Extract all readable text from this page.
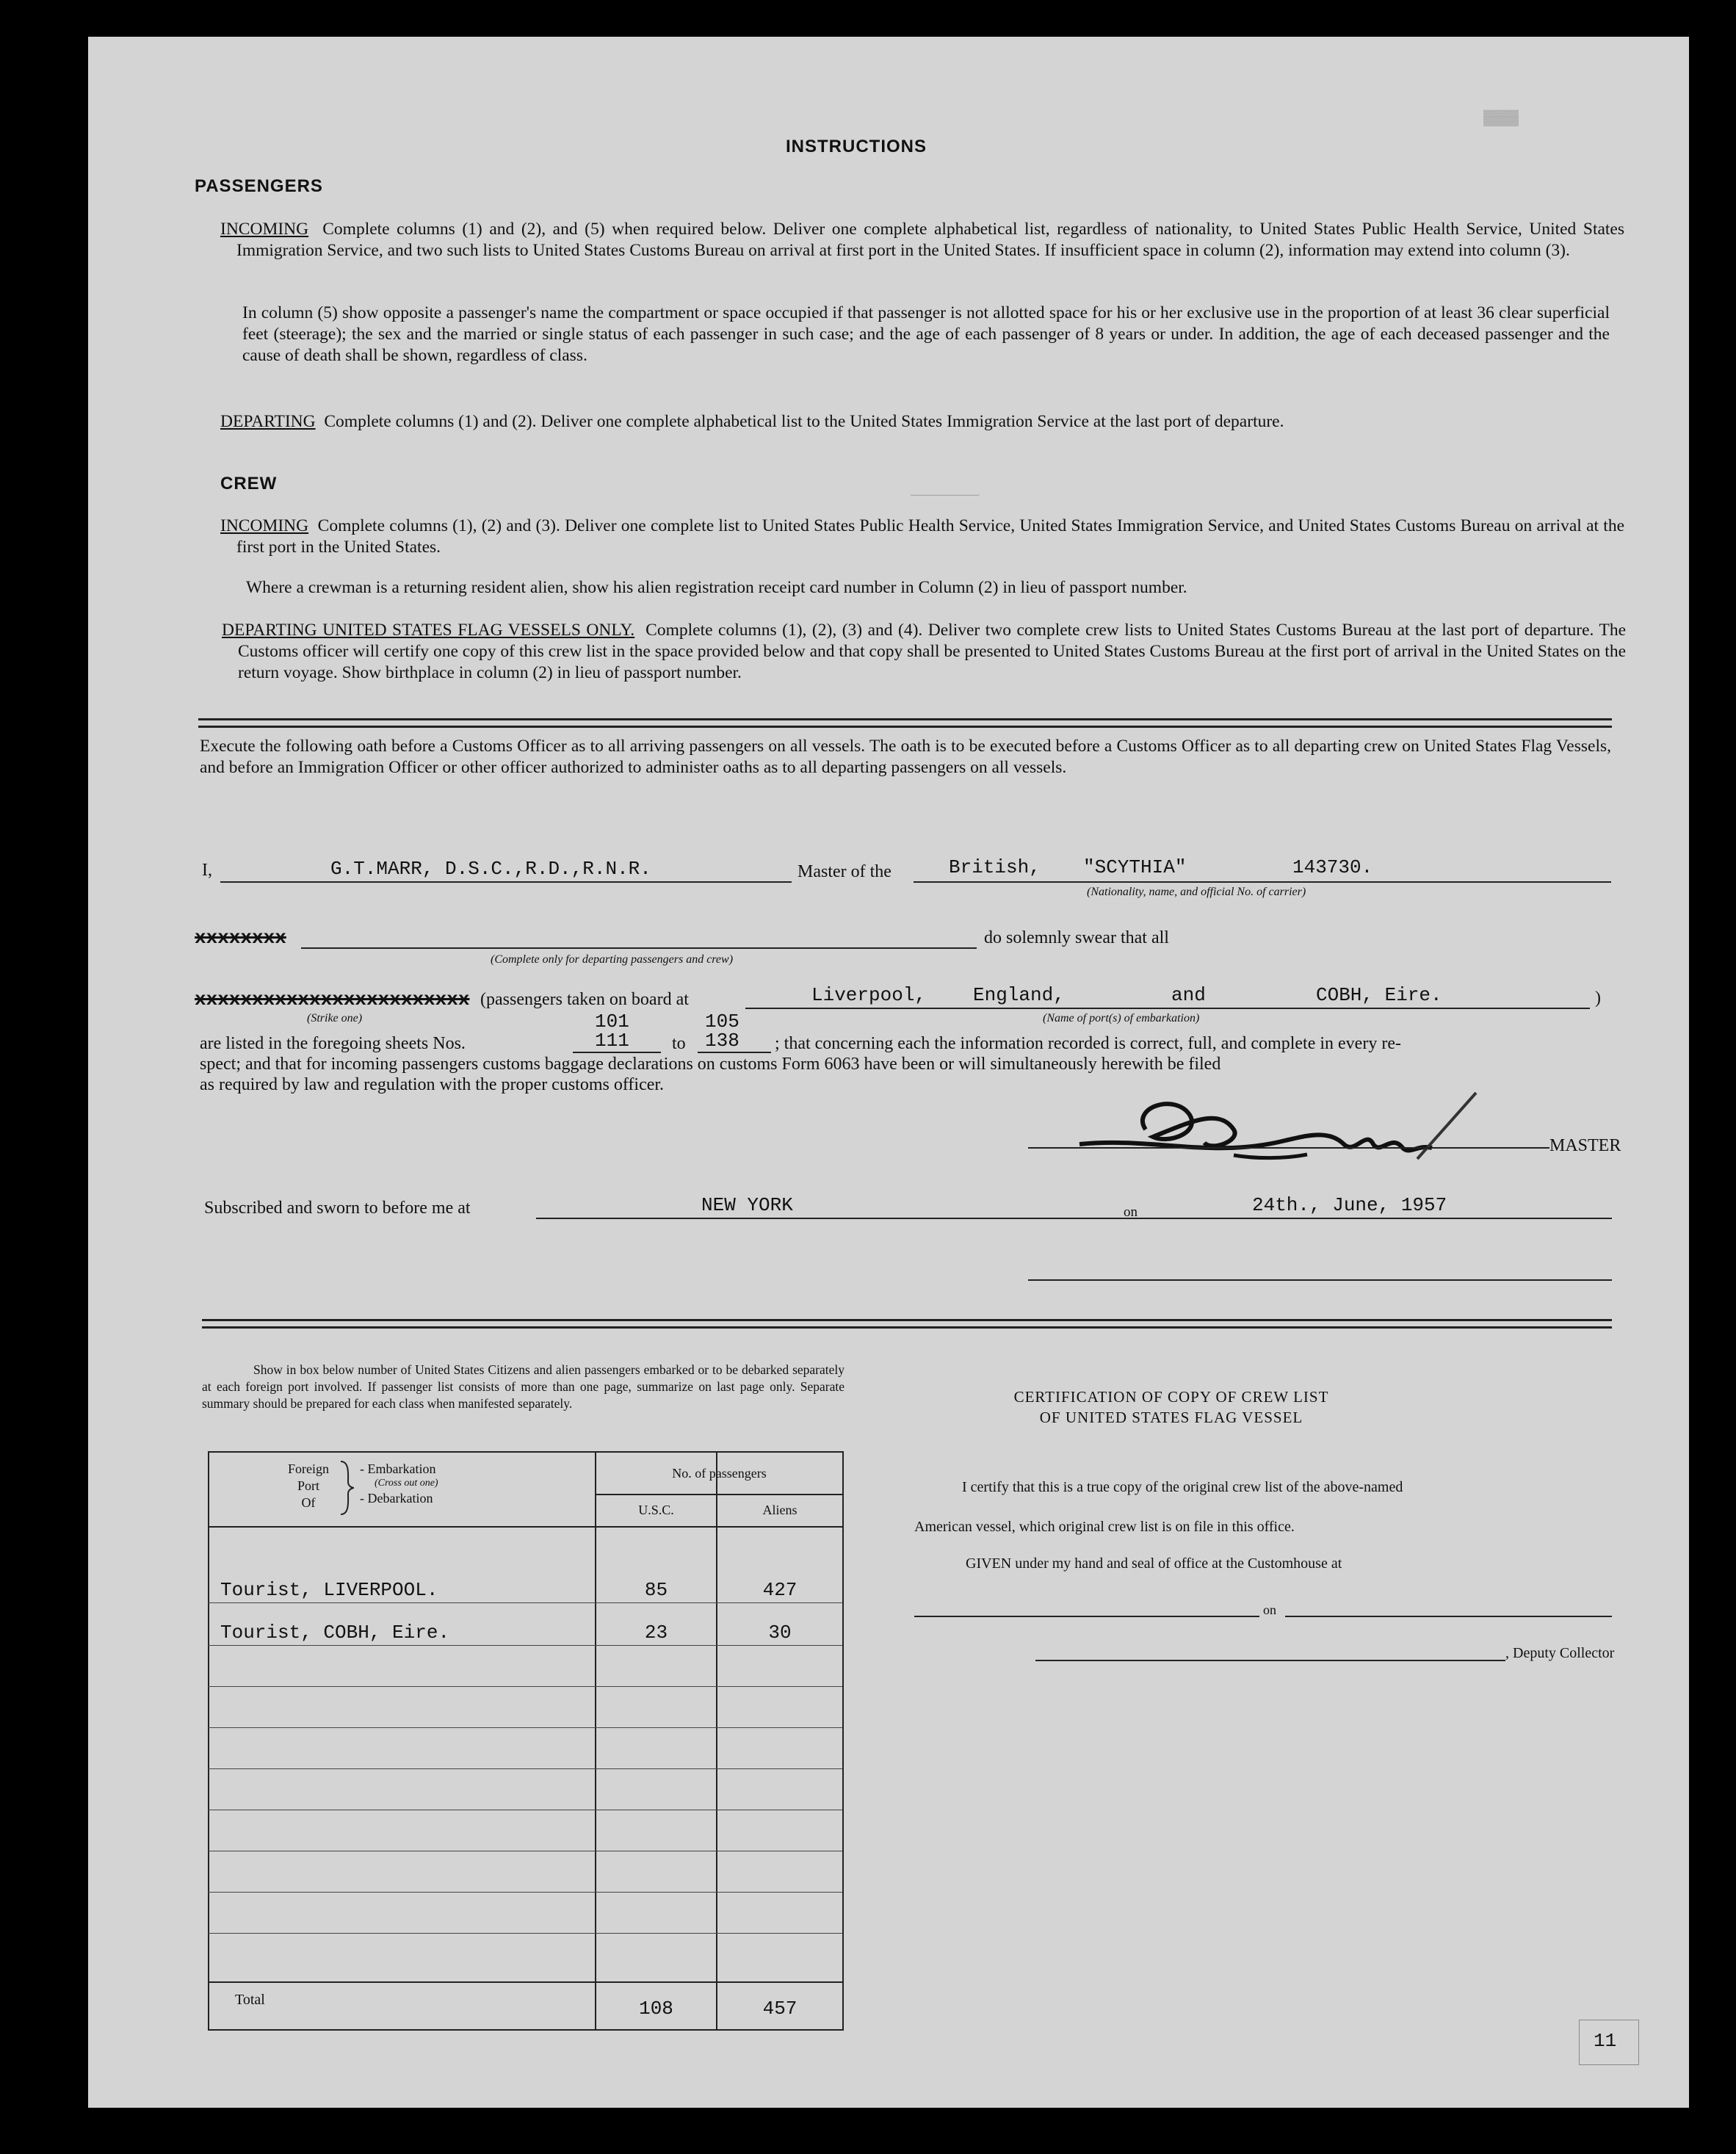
INSTRUCTIONS
PASSENGERS
INCOMING Complete columns (1) and (2), and (5) when required below. Deliver one complete alphabetical list, regardless of nationality, to United States Public Health Service, United States Immigration Service, and two such lists to United States Customs Bureau on arrival at first port in the United States. If insufficient space in column (2), information may extend into column (3).
In column (5) show opposite a passenger's name the compartment or space occupied if that passenger is not allotted space for his or her exclusive use in the proportion of at least 36 clear superficial feet (steerage); the sex and the married or single status of each passenger in such case; and the age of each passenger of 8 years or under. In addition, the age of each deceased passenger and the cause of death shall be shown, regardless of class.
DEPARTING Complete columns (1) and (2). Deliver one complete alphabetical list to the United States Immigration Service at the last port of departure.
CREW
INCOMING Complete columns (1), (2) and (3). Deliver one complete list to United States Public Health Service, United States Immigration Service, and United States Customs Bureau on arrival at the first port in the United States.
Where a crewman is a returning resident alien, show his alien registration receipt card number in Column (2) in lieu of passport number.
DEPARTING UNITED STATES FLAG VESSELS ONLY. Complete columns (1), (2), (3) and (4). Deliver two complete crew lists to United States Customs Bureau at the last port of departure. The Customs officer will certify one copy of this crew list in the space provided below and that copy shall be presented to United States Customs Bureau at the first port of arrival in the United States on the return voyage. Show birthplace in column (2) in lieu of passport number.
Execute the following oath before a Customs Officer as to all arriving passengers on all vessels. The oath is to be executed before a Customs Officer as to all departing crew on United States Flag Vessels, and before an Immigration Officer or other officer authorized to administer oaths as to all departing passengers on all vessels.
I,	G.T.MARR, D.S.C.,R.D.,R.N.R.	Master of the	British, "SCYTHIA"	143730.
(Nationality, name, and official No. of carrier)
xxxxxxxx
(Complete only for departing passengers and crew)
do solemnly swear that all
xxxxxxxxxxxxxxxxxxxxxxxx
(Strike one)
(passengers taken on board at	Liverpool, England,	and	COBH, Eire.	)
(Name of port(s) of embarkation)
101	105
are listed in the foregoing sheets Nos.	111 to 138 ; that concerning each the information recorded is correct, full, and complete in every re-
spect; and that for incoming passengers customs baggage declarations on customs Form 6063 have been or will simultaneously herewith be filed
as required by law and regulation with the proper customs officer.
MASTER
Subscribed and sworn to before me at	NEW YORK	on	24th., June, 1957
Show in box below number of United States Citizens and alien passengers embarked or to be debarked separately at each foreign port involved. If passenger list consists of more than one page, summarize on last page only. Separate summary should be prepared for each class when manifested separately.
Foreign
Port
Of
- Embarkation
(Cross out one)
- Debarkation
No. of passengers
U.S.C.	Aliens
Tourist, LIVERPOOL.	85	427
Tourist, COBH, Eire.	23	30
Total	108	457
CERTIFICATION OF COPY OF CREW LIST
OF UNITED STATES FLAG VESSEL
I certify that this is a true copy of the original crew list of the above-named
American vessel, which original crew list is on file in this office.
GIVEN under my hand and seal of office at the Customhouse at
on
, Deputy Collector
______
▓▓▓▓
11
